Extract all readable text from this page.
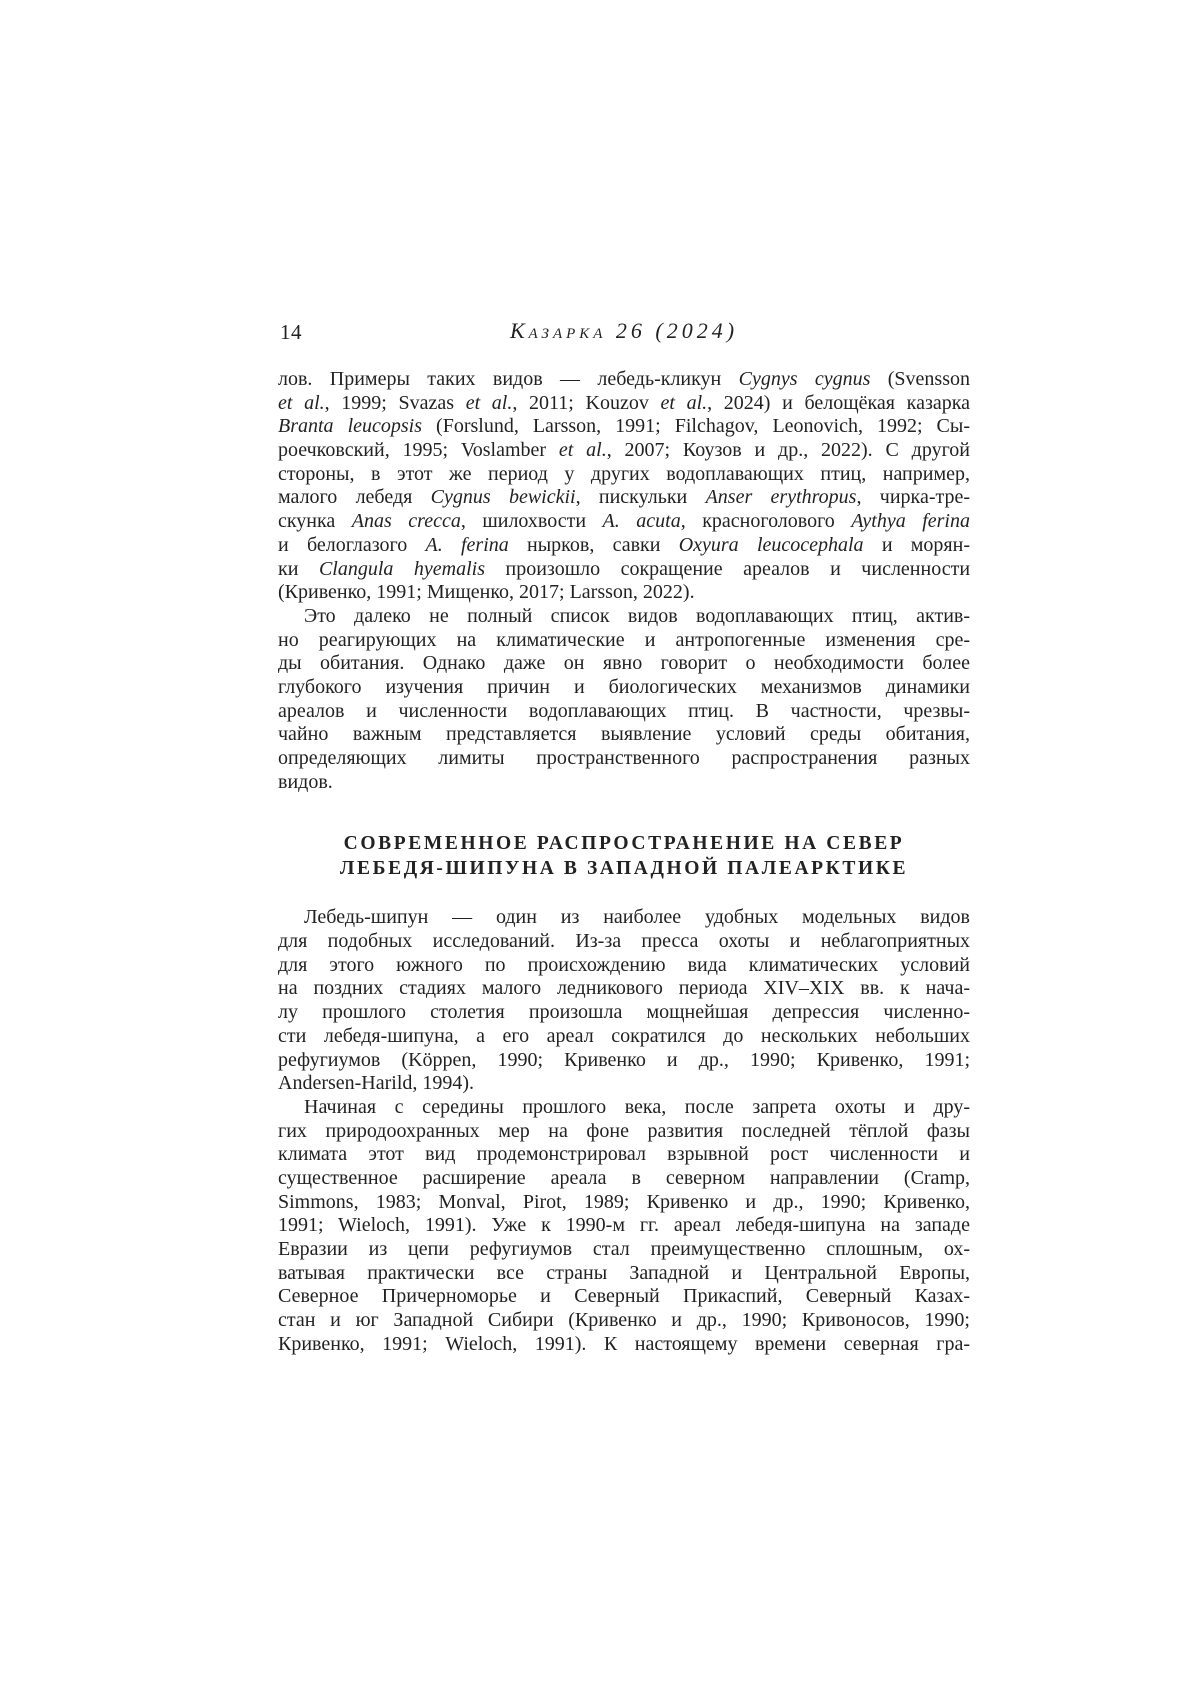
14	Казарка 26 (2024)
лов. Примеры таких видов — лебедь-кликун Cygnys cygnus (Svensson
et al., 1999; Svazas et al., 2011; Kouzov et al., 2024) и белощёкая казарка
Branta leucopsis (Forslund, Larsson, 1991; Filchagov, Leonovich, 1992; Сы-
роечковский, 1995; Voslamber et al., 2007; Коузов и др., 2022). С другой
стороны, в этот же период у других водоплавающих птиц, например,
малого лебедя Cygnus bewickii, пискульки Anser erythropus, чирка-тре-
скунка Anas crecca, шилохвости A. acuta, красноголового Aythya ferina
и белоглазого A. ferina нырков, савки Oxyura leucocephala и морян-
ки Clangula hyemalis произошло сокращение ареалов и численности
(Кривенко, 1991; Мищенко, 2017; Larsson, 2022).
Это далеко не полный список видов водоплавающих птиц, актив-
но реагирующих на климатические и антропогенные изменения сре-
ды обитания. Однако даже он явно говорит о необходимости более
глубокого изучения причин и биологических механизмов динамики
ареалов и численности водоплавающих птиц. В частности, чрезвы-
чайно важным представляется выявление условий среды обитания,
определяющих лимиты пространственного распространения разных
видов.
СОВРЕМЕННОЕ РАСПРОСТРАНЕНИЕ НА СЕВЕР
ЛЕБЕДЯ-ШИПУНА В ЗАПАДНОЙ ПАЛЕАРКТИКЕ
Лебедь-шипун — один из наиболее удобных модельных видов
для подобных исследований. Из-за пресса охоты и неблагоприятных
для этого южного по происхождению вида климатических условий
на поздних стадиях малого ледникового периода XIV–XIX вв. к нача-
лу прошлого столетия произошла мощнейшая депрессия численно-
сти лебедя-шипуна, а его ареал сократился до нескольких небольших
рефугиумов (Köppen, 1990; Кривенко и др., 1990; Кривенко, 1991;
Andersen-Harild, 1994).
Начиная с середины прошлого века, после запрета охоты и дру-
гих природоохранных мер на фоне развития последней тёплой фазы
климата этот вид продемонстрировал взрывной рост численности и
существенное расширение ареала в северном направлении (Cramp,
Simmons, 1983; Monval, Pirot, 1989; Кривенко и др., 1990; Кривенко,
1991; Wieloch, 1991). Уже к 1990-м гг. ареал лебедя-шипуна на западе
Евразии из цепи рефугиумов стал преимущественно сплошным, ох-
ватывая практически все страны Западной и Центральной Европы,
Северное Причерноморье и Северный Прикаспий, Северный Казах-
стан и юг Западной Сибири (Кривенко и др., 1990; Кривоносов, 1990;
Кривенко, 1991; Wieloch, 1991). К настоящему времени северная гра-
